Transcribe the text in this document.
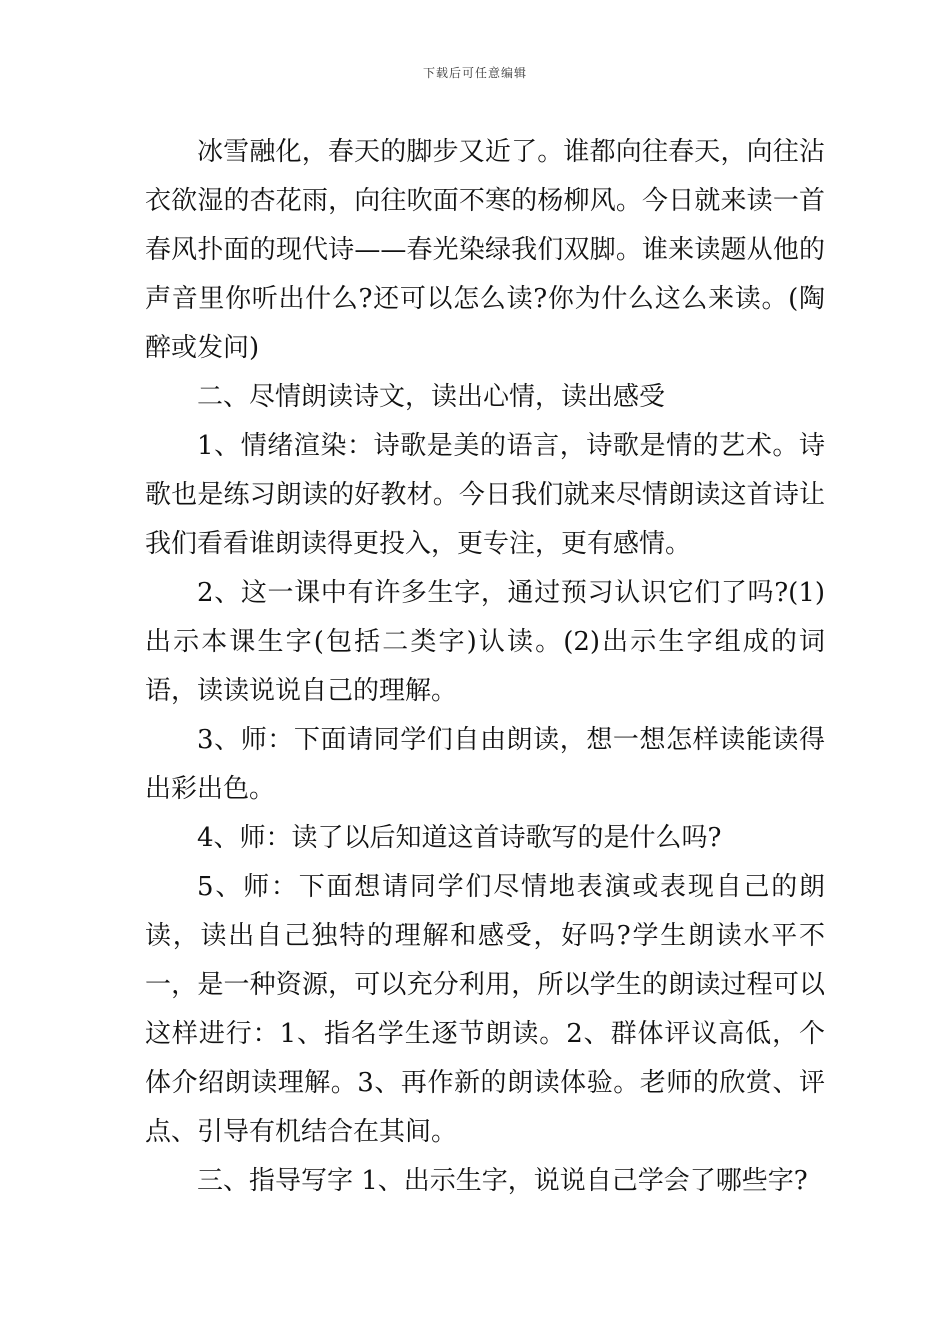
下载后可任意编辑

冰雪融化，春天的脚步又近了。谁都向往春天，向往沾衣欲湿的杏花雨，向往吹面不寒的杨柳风。今日就来读一首春风扑面的现代诗——春光染绿我们双脚。谁来读题从他的声音里你听出什么?还可以怎么读?你为什么这么来读。(陶醉或发问)

二、尽情朗读诗文，读出心情，读出感受

1、情绪渲染：诗歌是美的语言，诗歌是情的艺术。诗歌也是练习朗读的好教材。今日我们就来尽情朗读这首诗让我们看看谁朗读得更投入，更专注，更有感情。

2、这一课中有许多生字，通过预习认识它们了吗?(1)出示本课生字(包括二类字)认读。(2)出示生字组成的词语，读读说说自己的理解。

3、师：下面请同学们自由朗读，想一想怎样读能读得出彩出色。

4、师：读了以后知道这首诗歌写的是什么吗?

5、师：下面想请同学们尽情地表演或表现自己的朗读，读出自己独特的理解和感受，好吗?学生朗读水平不一，是一种资源，可以充分利用，所以学生的朗读过程可以这样进行：1、指名学生逐节朗读。2、群体评议高低，个体介绍朗读理解。3、再作新的朗读体验。老师的欣赏、评点、引导有机结合在其间。

三、指导写字 1、出示生字，说说自己学会了哪些字?
